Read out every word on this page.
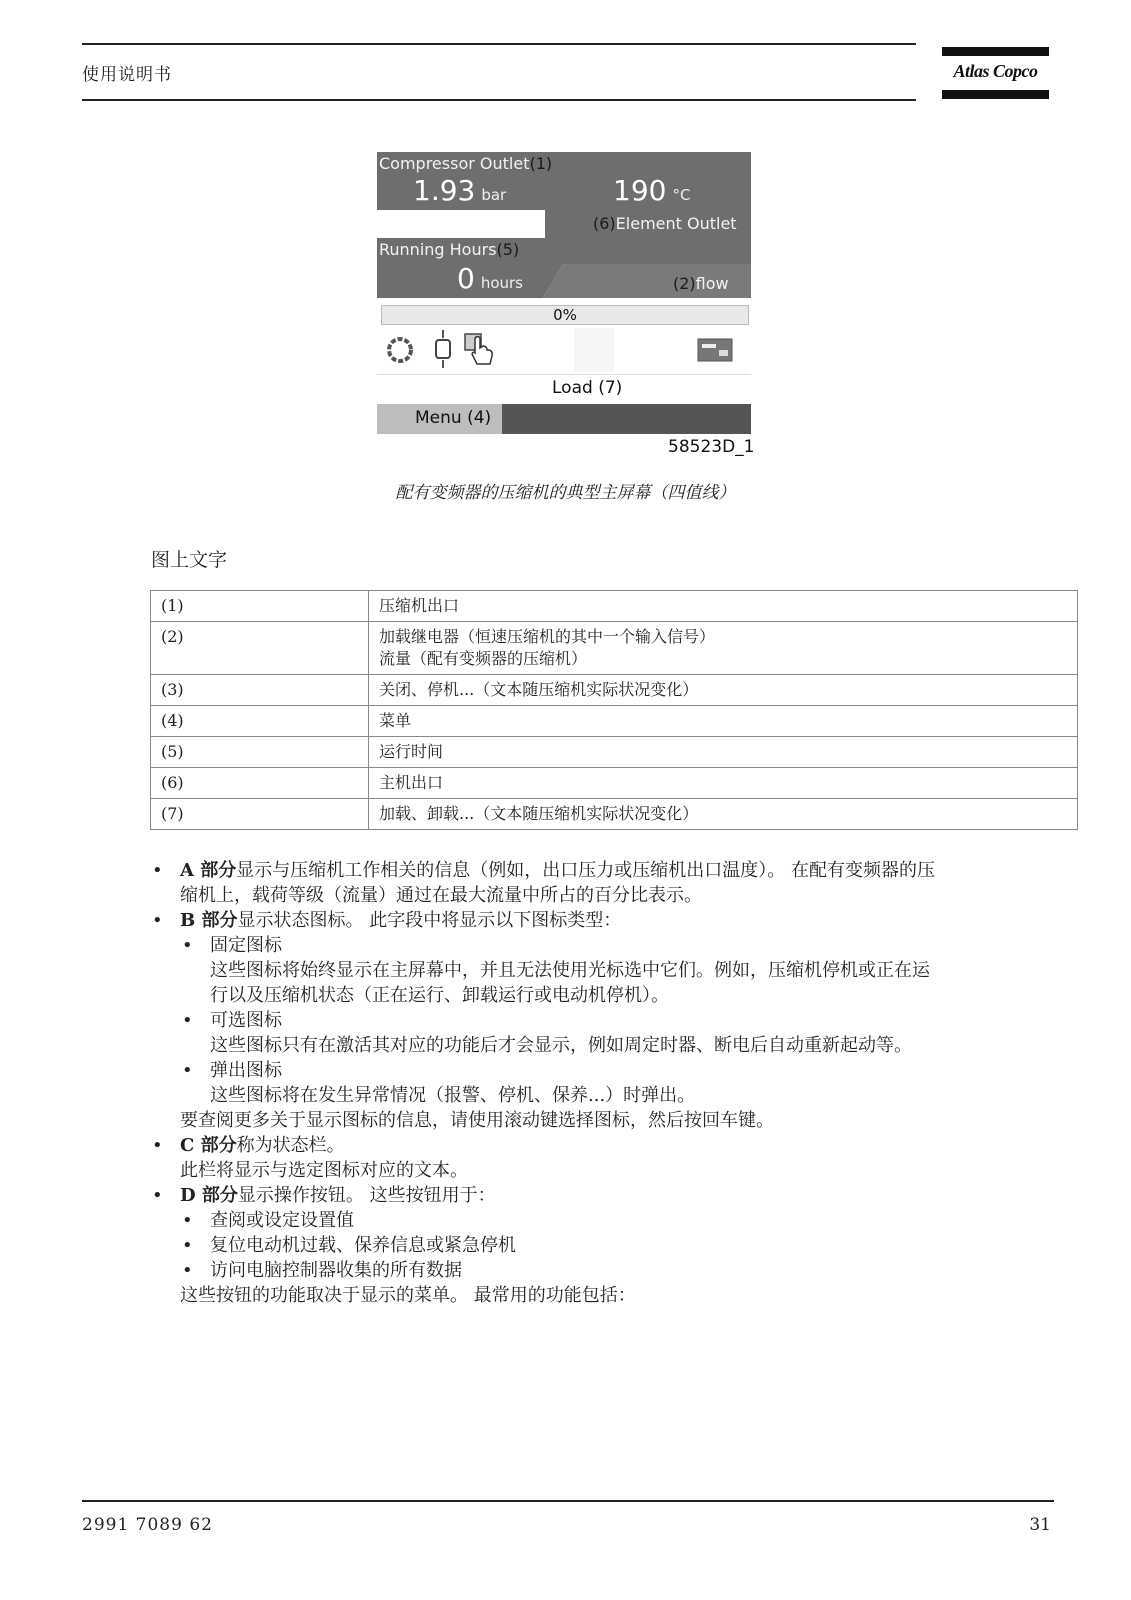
使用说明书	Atlas Copco
Compressor Outlet(1)
1.93 bar	190 °C
(6)Element Outlet
Running Hours(5)
0 hours	(2)flow
0%
Load (7)
Menu (4)
58523D_1
配有变频器的压缩机的典型主屏幕（四值线）
图上文字
(1)	压缩机出口

(2)	加载继电器（恒速压缩机的其中一个输入信号）
流量（配有变频器的压缩机）

(3)	关闭、停机...（文本随压缩机实际状况变化）

(4)	菜单

(5)	运行时间

(6)	主机出口

(7)	加载、卸载...（文本随压缩机实际状况变化）
• A 部分显示与压缩机工作相关的信息（例如，出口压力或压缩机出口温度）。 在配有变频器的压
缩机上，载荷等级（流量）通过在最大流量中所占的百分比表示。
• B 部分显示状态图标。 此字段中将显示以下图标类型：
• 固定图标
这些图标将始终显示在主屏幕中，并且无法使用光标选中它们。例如，压缩机停机或正在运
行以及压缩机状态（正在运行、卸载运行或电动机停机）。
• 可选图标
这些图标只有在激活其对应的功能后才会显示，例如周定时器、断电后自动重新起动等。
• 弹出图标
这些图标将在发生异常情况（报警、停机、保养...）时弹出。
要查阅更多关于显示图标的信息，请使用滚动键选择图标，然后按回车键。
• C 部分称为状态栏。
此栏将显示与选定图标对应的文本。
• D 部分显示操作按钮。 这些按钮用于：
• 查阅或设定设置值
• 复位电动机过载、保养信息或紧急停机
• 访问电脑控制器收集的所有数据
这些按钮的功能取决于显示的菜单。 最常用的功能包括：
2991 7089 62	31
